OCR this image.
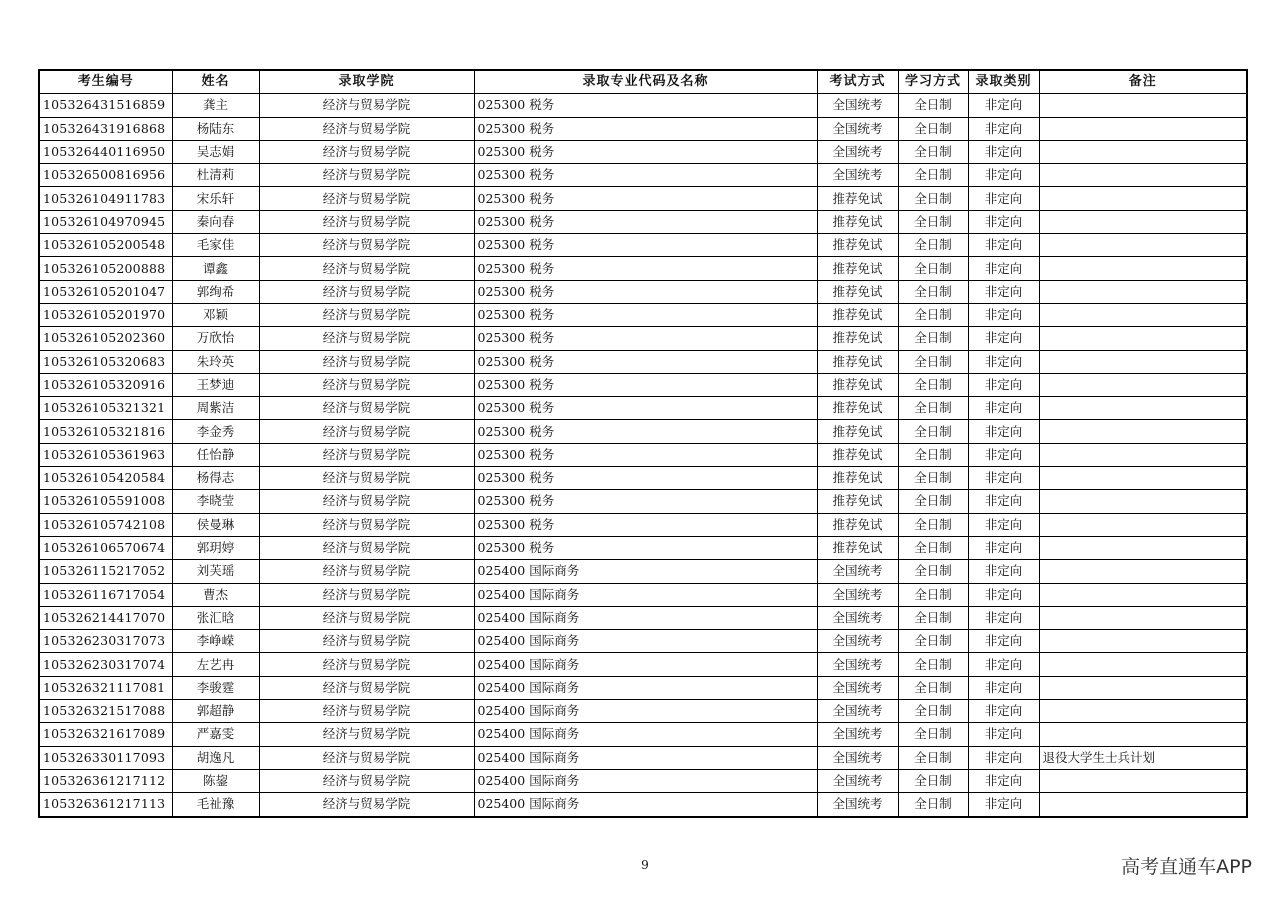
考生编号	姓名	录取学院	录取专业代码及名称	考试方式	学习方式	录取类别	备注
105326431516859	龚主	经济与贸易学院	025300 税务	全国统考	全日制	非定向	
105326431916868	杨陆东	经济与贸易学院	025300 税务	全国统考	全日制	非定向	
105326440116950	吴志娟	经济与贸易学院	025300 税务	全国统考	全日制	非定向	
105326500816956	杜清莉	经济与贸易学院	025300 税务	全国统考	全日制	非定向	
105326104911783	宋乐轩	经济与贸易学院	025300 税务	推荐免试	全日制	非定向	
105326104970945	秦向春	经济与贸易学院	025300 税务	推荐免试	全日制	非定向	
105326105200548	毛家佳	经济与贸易学院	025300 税务	推荐免试	全日制	非定向	
105326105200888	谭鑫	经济与贸易学院	025300 税务	推荐免试	全日制	非定向	
105326105201047	郭绚希	经济与贸易学院	025300 税务	推荐免试	全日制	非定向	
105326105201970	邓颖	经济与贸易学院	025300 税务	推荐免试	全日制	非定向	
105326105202360	万欣怡	经济与贸易学院	025300 税务	推荐免试	全日制	非定向	
105326105320683	朱玲英	经济与贸易学院	025300 税务	推荐免试	全日制	非定向	
105326105320916	王梦迪	经济与贸易学院	025300 税务	推荐免试	全日制	非定向	
105326105321321	周紫洁	经济与贸易学院	025300 税务	推荐免试	全日制	非定向	
105326105321816	李金秀	经济与贸易学院	025300 税务	推荐免试	全日制	非定向	
105326105361963	任怡静	经济与贸易学院	025300 税务	推荐免试	全日制	非定向	
105326105420584	杨得志	经济与贸易学院	025300 税务	推荐免试	全日制	非定向	
105326105591008	李晓莹	经济与贸易学院	025300 税务	推荐免试	全日制	非定向	
105326105742108	侯曼琳	经济与贸易学院	025300 税务	推荐免试	全日制	非定向	
105326106570674	郭玥婷	经济与贸易学院	025300 税务	推荐免试	全日制	非定向	
105326115217052	刘芙瑶	经济与贸易学院	025400 国际商务	全国统考	全日制	非定向	
105326116717054	曹杰	经济与贸易学院	025400 国际商务	全国统考	全日制	非定向	
105326214417070	张汇晗	经济与贸易学院	025400 国际商务	全国统考	全日制	非定向	
105326230317073	李峥嵘	经济与贸易学院	025400 国际商务	全国统考	全日制	非定向	
105326230317074	左艺冉	经济与贸易学院	025400 国际商务	全国统考	全日制	非定向	
105326321117081	李骏霆	经济与贸易学院	025400 国际商务	全国统考	全日制	非定向	
105326321517088	郭超静	经济与贸易学院	025400 国际商务	全国统考	全日制	非定向	
105326321617089	严嘉雯	经济与贸易学院	025400 国际商务	全国统考	全日制	非定向	
105326330117093	胡逸凡	经济与贸易学院	025400 国际商务	全国统考	全日制	非定向	退役大学生士兵计划
105326361217112	陈鋆	经济与贸易学院	025400 国际商务	全国统考	全日制	非定向	
105326361217113	毛祉豫	经济与贸易学院	025400 国际商务	全国统考	全日制	非定向	
9	高考直通车APP
